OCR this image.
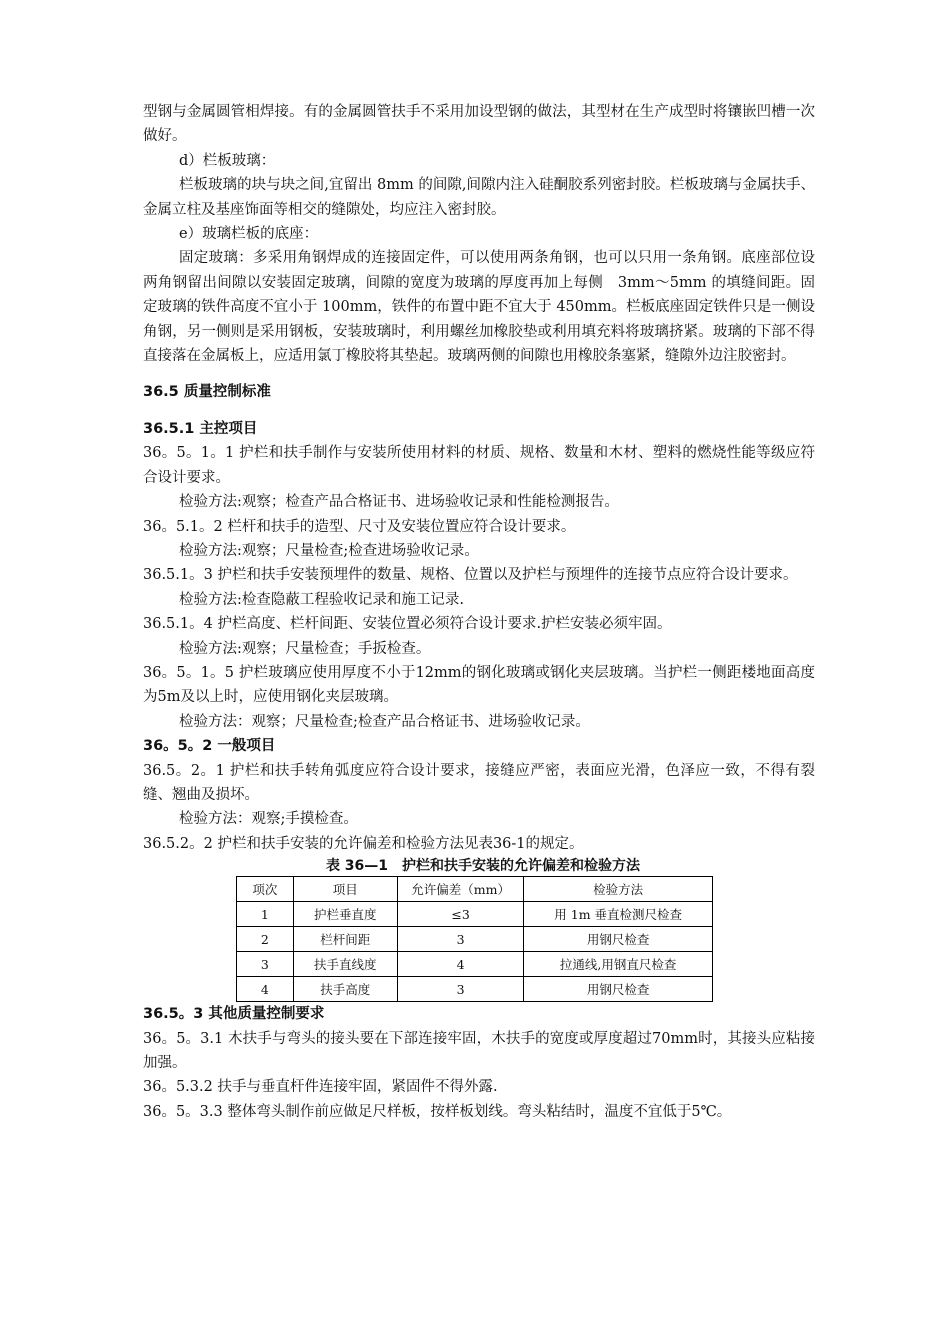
型钢与金属圆管相焊接。有的金属圆管扶手不采用加设型钢的做法，其型材在生产成型时将镶嵌凹槽一次做好。

d）栏板玻璃：

栏板玻璃的块与块之间,宜留出 8mm 的间隙,间隙内注入硅酮胶系列密封胶。栏板玻璃与金属扶手、金属立柱及基座饰面等相交的缝隙处，均应注入密封胶。

e）玻璃栏板的底座：

固定玻璃：多采用角钢焊成的连接固定件，可以使用两条角钢，也可以只用一条角钢。底座部位设两角钢留出间隙以安装固定玻璃，间隙的宽度为玻璃的厚度再加上每侧　3mm～5mm 的填缝间距。固定玻璃的铁件高度不宜小于 100mm，铁件的布置中距不宜大于 450mm。栏板底座固定铁件只是一侧设角钢，另一侧则是采用钢板，安装玻璃时，利用螺丝加橡胶垫或利用填充料将玻璃挤紧。玻璃的下部不得直接落在金属板上，应适用氯丁橡胶将其垫起。玻璃两侧的间隙也用橡胶条塞紧，缝隙外边注胶密封。

36.5 质量控制标准

36.5.1 主控项目

36。5。1。1 护栏和扶手制作与安装所使用材料的材质、规格、数量和木材、塑料的燃烧性能等级应符合设计要求。

检验方法:观察；检查产品合格证书、进场验收记录和性能检测报告。

36。5.1。2 栏杆和扶手的造型、尺寸及安装位置应符合设计要求。

检验方法:观察；尺量检查;检查进场验收记录。

36.5.1。3 护栏和扶手安装预埋件的数量、规格、位置以及护栏与预埋件的连接节点应符合设计要求。

检验方法:检查隐蔽工程验收记录和施工记录.

36.5.1。4 护栏高度、栏杆间距、安装位置必须符合设计要求.护栏安装必须牢固。

检验方法:观察；尺量检查；手扳检查。

36。5。1。5 护栏玻璃应使用厚度不小于12mm的钢化玻璃或钢化夹层玻璃。当护栏一侧距楼地面高度为5m及以上时，应使用钢化夹层玻璃。

检验方法：观察；尺量检查;检查产品合格证书、进场验收记录。

36。5。2 一般项目

36.5。2。1 护栏和扶手转角弧度应符合设计要求，接缝应严密，表面应光滑，色泽应一致，不得有裂缝、翘曲及损坏。

检验方法：观察;手摸检查。

36.5.2。2 护栏和扶手安装的允许偏差和检验方法见表36-1的规定。

表 36—1　护栏和扶手安装的允许偏差和检验方法

项次	项目	允许偏差（mm）	检验方法
1	护栏垂直度	≤3	用 1m 垂直检测尺检查
2	栏杆间距	3	用钢尺检查
3	扶手直线度	4	拉通线,用钢直尺检查
4	扶手高度	3	用钢尺检查

36.5。3 其他质量控制要求

36。5。3.1 木扶手与弯头的接头要在下部连接牢固，木扶手的宽度或厚度超过70mm时，其接头应粘接加强。

36。5.3.2 扶手与垂直杆件连接牢固，紧固件不得外露.

36。5。3.3 整体弯头制作前应做足尺样板，按样板划线。弯头粘结时，温度不宜低于5℃。
